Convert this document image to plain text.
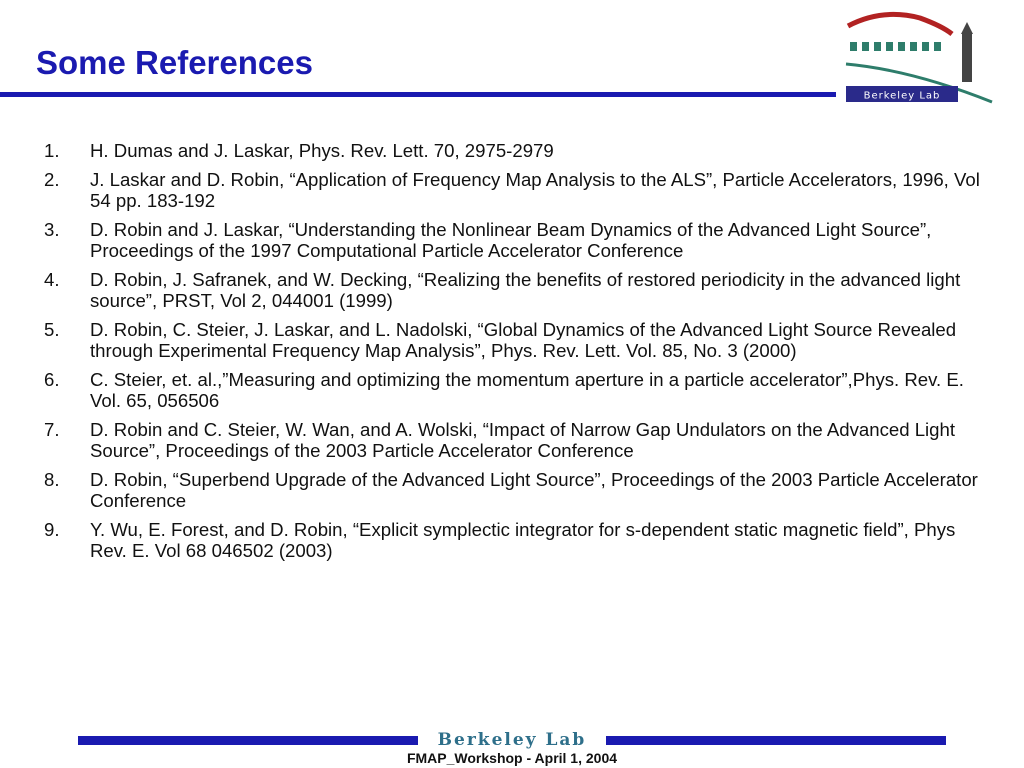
Some References
Berkeley Lab
1.	H. Dumas and J. Laskar, Phys. Rev. Lett. 70, 2975-2979
2.	J. Laskar and D. Robin, “Application of Frequency Map Analysis to the ALS”, Particle Accelerators, 1996, Vol 54 pp. 183-192
3.	D. Robin and J. Laskar, “Understanding the Nonlinear Beam Dynamics of the Advanced Light Source”, Proceedings of the 1997 Computational Particle Accelerator Conference
4.	D. Robin, J. Safranek, and W. Decking, “Realizing the benefits of restored periodicity in the advanced light source”, PRST, Vol 2, 044001 (1999)
5.	D. Robin, C. Steier, J. Laskar, and L. Nadolski, “Global Dynamics of the Advanced Light Source Revealed through Experimental Frequency Map Analysis”, Phys. Rev. Lett. Vol. 85, No. 3 (2000)
6.	C. Steier, et. al.,”Measuring and optimizing the momentum aperture in a particle accelerator”,Phys. Rev. E. Vol. 65, 056506
7.	D. Robin and C. Steier, W. Wan, and A. Wolski, “Impact of Narrow Gap Undulators on the Advanced Light Source”, Proceedings of the 2003 Particle Accelerator Conference
8.	D. Robin, “Superbend Upgrade of the Advanced Light Source”, Proceedings of the 2003 Particle Accelerator Conference
9.	Y. Wu, E. Forest, and D. Robin, “Explicit symplectic integrator for s-dependent static magnetic field”, Phys Rev. E. Vol 68 046502 (2003)
Berkeley Lab
FMAP_Workshop - April 1, 2004
